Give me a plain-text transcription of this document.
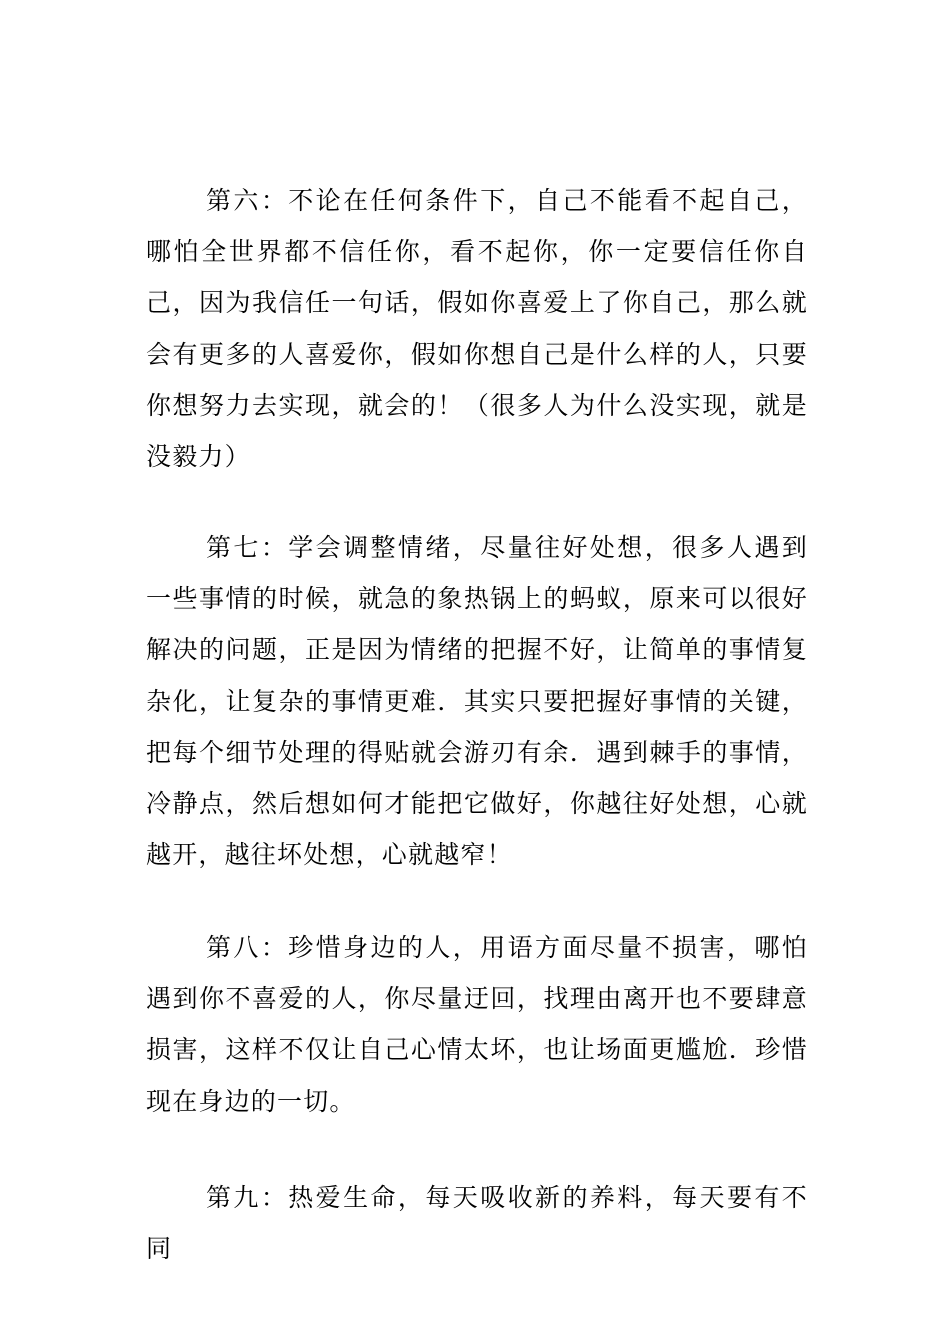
第六：不论在任何条件下，自己不能看不起自己，哪怕全世界都不信任你，看不起你，你一定要信任你自己，因为我信任一句话，假如你喜爱上了你自己，那么就会有更多的人喜爱你，假如你想自己是什么样的人，只要你想努力去实现，就会的！（很多人为什么没实现，就是没毅力）

第七：学会调整情绪，尽量往好处想，很多人遇到一些事情的时候，就急的象热锅上的蚂蚁，原来可以很好解决的问题，正是因为情绪的把握不好，让简单的事情复杂化，让复杂的事情更难．其实只要把握好事情的关键，把每个细节处理的得贴就会游刃有余．遇到棘手的事情，冷静点，然后想如何才能把它做好，你越往好处想，心就越开，越往坏处想，心就越窄！

第八：珍惜身边的人，用语方面尽量不损害，哪怕遇到你不喜爱的人，你尽量迂回，找理由离开也不要肆意损害，这样不仅让自己心情太坏，也让场面更尴尬．珍惜现在身边的一切。

第九：热爱生命，每天吸收新的养料，每天要有不同
